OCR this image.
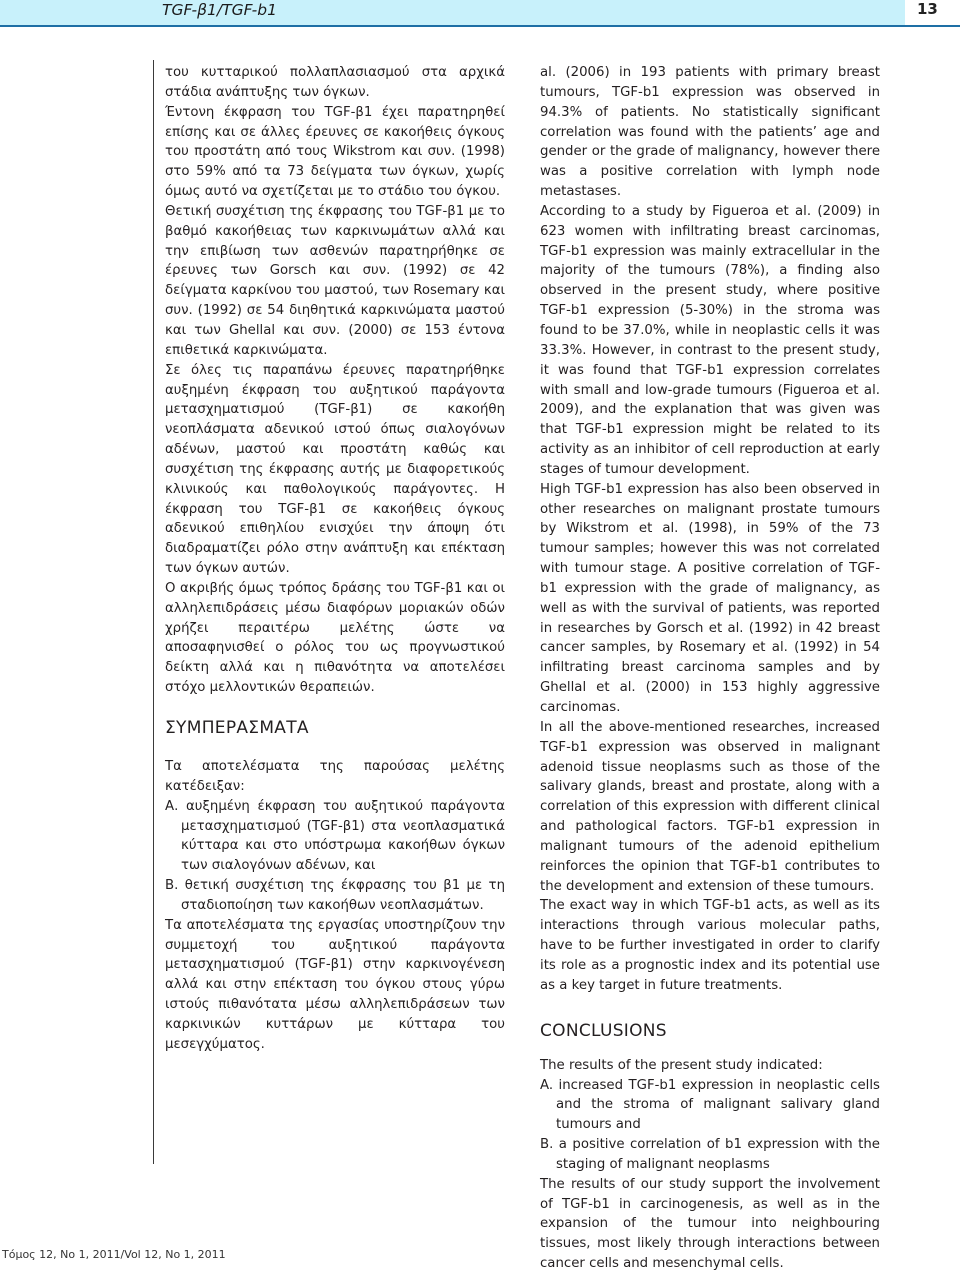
TGF-β1/TGF-b1	13

του κυτταρικού πολλαπλασιασμού στα αρχικά στάδια ανάπτυξης των όγκων.

Έντονη έκφραση του TGF-β1 έχει παρατηρηθεί επίσης και σε άλλες έρευνες σε κακοήθεις όγκους του προστάτη από τους Wikstrom και συν. (1998) στο 59% από τα 73 δείγματα των όγκων, χωρίς όμως αυτό να σχετίζεται με το στάδιο του όγκου.

Θετική συσχέτιση της έκφρασης του TGF-β1 με το βαθμό κακοήθειας των καρκινωμάτων αλλά και την επιβίωση των ασθενών παρατηρήθηκε σε έρευνες των Gorsch και συν. (1992) σε 42 δείγματα καρκίνου του μαστού, των Rosemary και συν. (1992) σε 54 διηθητικά καρκινώματα μαστού και των Ghellal και συν. (2000) σε 153 έντονα επιθετικά καρκινώματα.

Σε όλες τις παραπάνω έρευνες παρατηρήθηκε αυξημένη έκφραση του αυξητικού παράγοντα μετασχηματισμού (TGF-β1) σε κακοήθη νεοπλάσματα αδενικού ιστού όπως σιαλογόνων αδένων, μαστού και προστάτη καθώς και συσχέτιση της έκφρασης αυτής με διαφορετικούς κλινικούς και παθολογικούς παράγοντες. Η έκφραση του TGF-β1 σε κακοήθεις όγκους αδενικού επιθηλίου ενισχύει την άποψη ότι διαδραματίζει ρόλο στην ανάπτυξη και επέκταση των όγκων αυτών.

Ο ακριβής όμως τρόπος δράσης του TGF-β1 και οι αλληλεπιδράσεις μέσω διαφόρων μοριακών οδών χρήζει περαιτέρω μελέτης ώστε να αποσαφηνισθεί ο ρόλος του ως προγνωστικού δείκτη αλλά και η πιθανότητα να αποτελέσει στόχο μελλοντικών θεραπειών.

ΣΥΜΠΕΡΑΣΜΑΤΑ

Τα αποτελέσματα της παρούσας μελέτης κατέδειξαν:

Α. αυξημένη έκφραση του αυξητικού παράγοντα μετασχηματισμού (TGF-β1) στα νεοπλασματικά κύτταρα και στο υπόστρωμα κακοήθων όγκων των σιαλογόνων αδένων, και

Β. θετική συσχέτιση της έκφρασης του β1 με τη σταδιοποίηση των κακοήθων νεοπλασμάτων.

Τα αποτελέσματα της εργασίας υποστηρίζουν την συμμετοχή του αυξητικού παράγοντα μετασχηματισμού (TGF-β1) στην καρκινογένεση αλλά και στην επέκταση του όγκου στους γύρω ιστούς πιθανότατα μέσω αλληλεπιδράσεων των καρκινικών κυττάρων με κύτταρα του μεσεγχύματος.

al. (2006) in 193 patients with primary breast tumours, TGF-b1 expression was observed in 94.3% of patients. No statistically significant correlation was found with the patients’ age and gender or the grade of malignancy, however there was a positive correlation with lymph node metastases.

According to a study by Figueroa et al. (2009) in 623 women with infiltrating breast carcinomas, TGF-b1 expression was mainly extracellular in the majority of the tumours (78%), a finding also observed in the present study, where positive TGF-b1 expression (5-30%) in the stroma was found to be 37.0%, while in neoplastic cells it was 33.3%. However, in contrast to the present study, it was found that TGF-b1 expression correlates with small and low-grade tumours (Figueroa et al. 2009), and the explanation that was given was that TGF-b1 expression might be related to its activity as an inhibitor of cell reproduction at early stages of tumour development.

High TGF-b1 expression has also been observed in other researches on malignant prostate tumours by Wikstrom et al. (1998), in 59% of the 73 tumour samples; however this was not correlated with tumour stage. A positive correlation of TGF-b1 expression with the grade of malignancy, as well as with the survival of patients, was reported in researches by Gorsch et al. (1992) in 42 breast cancer samples, by Rosemary et al. (1992) in 54 infiltrating breast carcinoma samples and by Ghellal et al. (2000) in 153 highly aggressive carcinomas.

In all the above-mentioned researches, increased TGF-b1 expression was observed in malignant adenoid tissue neoplasms such as those of the salivary glands, breast and prostate, along with a correlation of this expression with different clinical and pathological factors. TGF-b1 expression in malignant tumours of the adenoid epithelium reinforces the opinion that TGF-b1 contributes to the development and extension of these tumours.

The exact way in which TGF-b1 acts, as well as its interactions through various molecular paths, have to be further investigated in order to clarify its role as a prognostic index and its potential use as a key target in future treatments.

CONCLUSIONS

The results of the present study indicated:

A. increased TGF-b1 expression in neoplastic cells and the stroma of malignant salivary gland tumours and

B. a positive correlation of b1 expression with the staging of malignant neoplasms

The results of our study support the involvement of TGF-b1 in carcinogenesis, as well as in the expansion of the tumour into neighbouring tissues, most likely through interactions between cancer cells and mesenchymal cells.

Τόμος 12, No 1, 2011/Vol 12, No 1, 2011
